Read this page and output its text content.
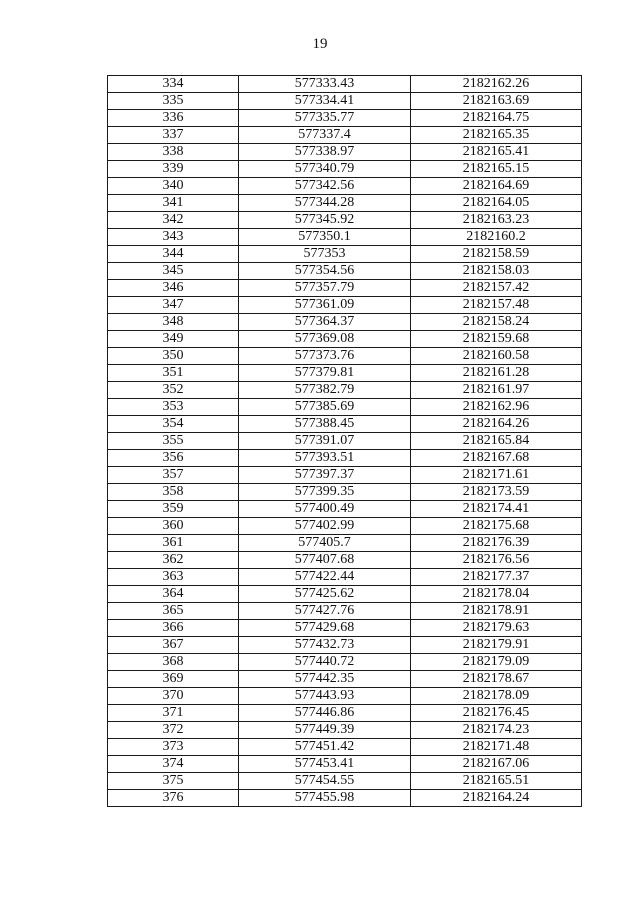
19
334	577333.43	2182162.26
335	577334.41	2182163.69
336	577335.77	2182164.75
337	577337.4	2182165.35
338	577338.97	2182165.41
339	577340.79	2182165.15
340	577342.56	2182164.69
341	577344.28	2182164.05
342	577345.92	2182163.23
343	577350.1	2182160.2
344	577353	2182158.59
345	577354.56	2182158.03
346	577357.79	2182157.42
347	577361.09	2182157.48
348	577364.37	2182158.24
349	577369.08	2182159.68
350	577373.76	2182160.58
351	577379.81	2182161.28
352	577382.79	2182161.97
353	577385.69	2182162.96
354	577388.45	2182164.26
355	577391.07	2182165.84
356	577393.51	2182167.68
357	577397.37	2182171.61
358	577399.35	2182173.59
359	577400.49	2182174.41
360	577402.99	2182175.68
361	577405.7	2182176.39
362	577407.68	2182176.56
363	577422.44	2182177.37
364	577425.62	2182178.04
365	577427.76	2182178.91
366	577429.68	2182179.63
367	577432.73	2182179.91
368	577440.72	2182179.09
369	577442.35	2182178.67
370	577443.93	2182178.09
371	577446.86	2182176.45
372	577449.39	2182174.23
373	577451.42	2182171.48
374	577453.41	2182167.06
375	577454.55	2182165.51
376	577455.98	2182164.24
